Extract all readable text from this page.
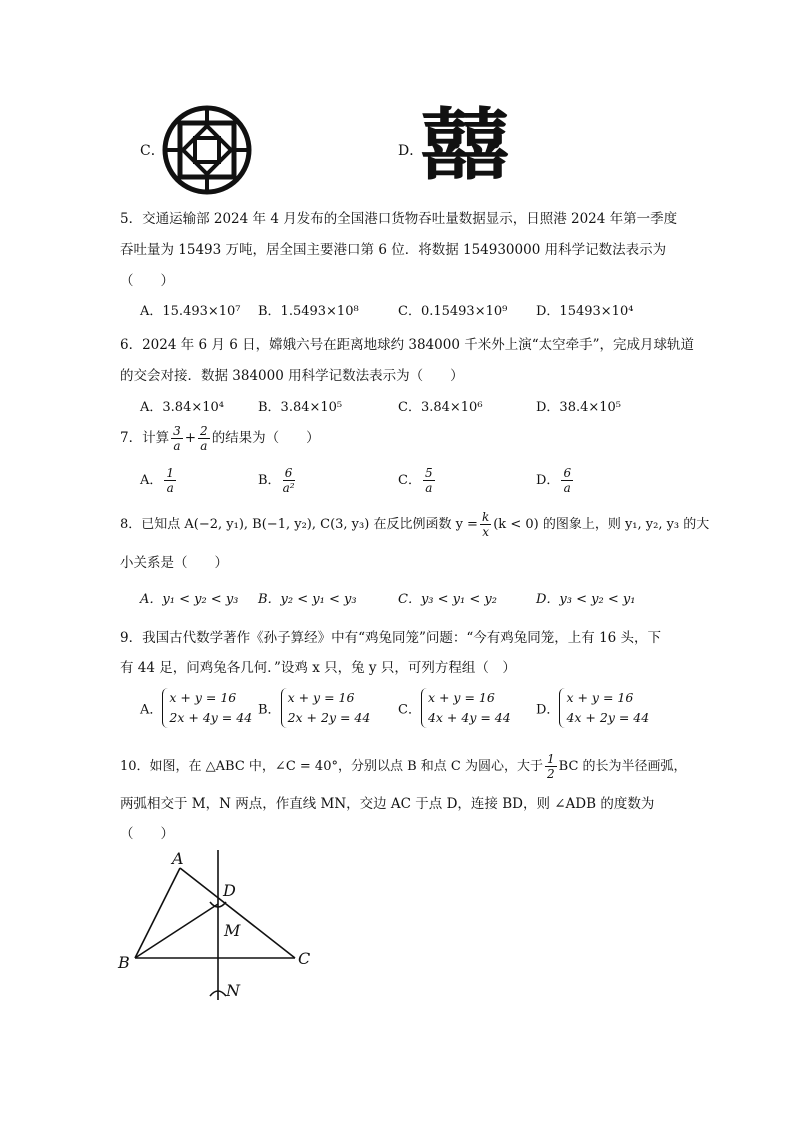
C．	D．
囍
5．交通运输部 2024 年 4 月发布的全国港口货物吞吐量数据显示，日照港 2024 年第一季度
吞吐量为 15493 万吨，居全国主要港口第 6 位．将数据 154930000 用科学记数法表示为
（　　）
A．15.493×10⁷ B．1.5493×10⁸	C．0.15493×10⁹ D．15493×10⁴
6．2024 年 6 月 6 日，嫦娥六号在距离地球约 384000 千米外上演“太空牵手”，完成月球轨道
的交会对接．数据 384000 用科学记数法表示为（　　）
A．3.84×10⁴	B．3.84×10⁵	C．3.84×10⁶	D．38.4×10⁵
7．计算 $\frac{3}{a} + \frac{2}{a}$ 的结果为（　　）
A． $\frac{1}{a}$	B． $\frac{6}{\text{a²}}$	C． $\frac{5}{a}$	D． $\frac{6}{a}$
8．已知点 A(−2, y₁), B(−1, y₂), C(3, y₃) 在反比例函数 $y = \frac{k}{x} (k < 0)$ 的图象上，则 y₁, y₂, y₃ 的大
小关系是（　　）
A．y₁ < y₂ < y₃ B．y₂ < y₁ < y₃	C．y₃ < y₁ < y₂	D．y₃ < y₂ < y₁
9．我国古代数学著作《孙子算经》中有“鸡兔同笼”问题：“今有鸡兔同笼，上有 16 头，下
有 44 足，问鸡兔各几何．”设鸡 x 只，兔 y 只，可列方程组（　）
A．
x + y = 16
2x + 4y = 44 B．
x + y = 16
2x + 2y = 44 C．
x + y = 16
4x + 4y = 44 D．
x + y = 16
4x + 2y = 44
10．如图，在 △ABC 中，∠C = 40°，分别以点 B 和点 C 为圆心，大于 $\frac{1}{2}$ BC 的长为半径画弧，
两弧相交于 M，N 两点，作直线 MN，交边 AC 于点 D，连接 BD，则 ∠ADB 的度数为
（　　）
A
B	C
D
M
N
